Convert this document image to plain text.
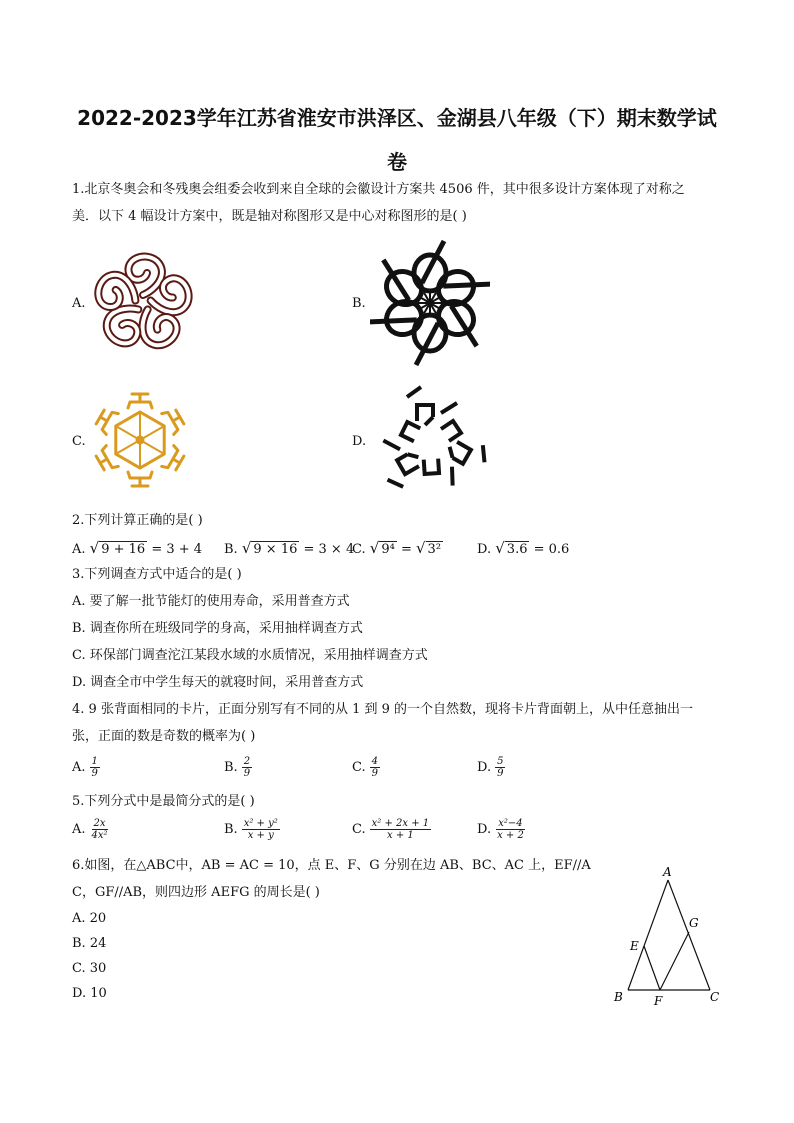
2022-2023学年江苏省淮安市洪泽区、金湖县八年级（下）期末数学试
卷
1.北京冬奥会和冬残奥会组委会收到来自全球的会徽设计方案共 4506 件，其中很多设计方案体现了对称之
美．以下 4 幅设计方案中，既是轴对称图形又是中心对称图形的是( )
A.	B.
C.	D.
2.下列计算正确的是( )
A. √ 9 + 16 = 3 + 4 B. √ 9 × 16 = 3 × 4
C. √ 9⁴ = √ 3²	D. √ 3.6 = 0.6
3.下列调查方式中适合的是( )
A. 要了解一批节能灯的使用寿命，采用普查方式
B. 调查你所在班级同学的身高，采用抽样调查方式
C. 环保部门调查沱江某段水域的水质情况，采用抽样调查方式
D. 调查全市中学生每天的就寝时间，采用普查方式
4. 9 张背面相同的卡片，正面分别写有不同的从 1 到 9 的一个自然数，现将卡片背面朝上，从中任意抽出一
张，正面的数是奇数的概率为( )
A. $\frac{1}{9}$	B. $\frac{2}{9}$	C. $\frac{4}{9}$	D. $\frac{5}{9}$
5.下列分式中是最简分式的是( )
A. $\frac{2x}{\text{4x²}}$	B. $\frac{\text{x² + y²}}{x + y}$	C. $\frac{\text{x² + 2x + 1}}{x + 1}$	D. $\frac{\text{x²−4}}{x + 2}$
6.如图，在△ABC中，AB = AC = 10，点 E、F、G 分别在边 AB、BC、AC 上，EF//A
C，GF//AB，则四边形 AEFG 的周长是( )
A. 20
B. 24
C. 30
D. 10
A
B	C
E
F
G
